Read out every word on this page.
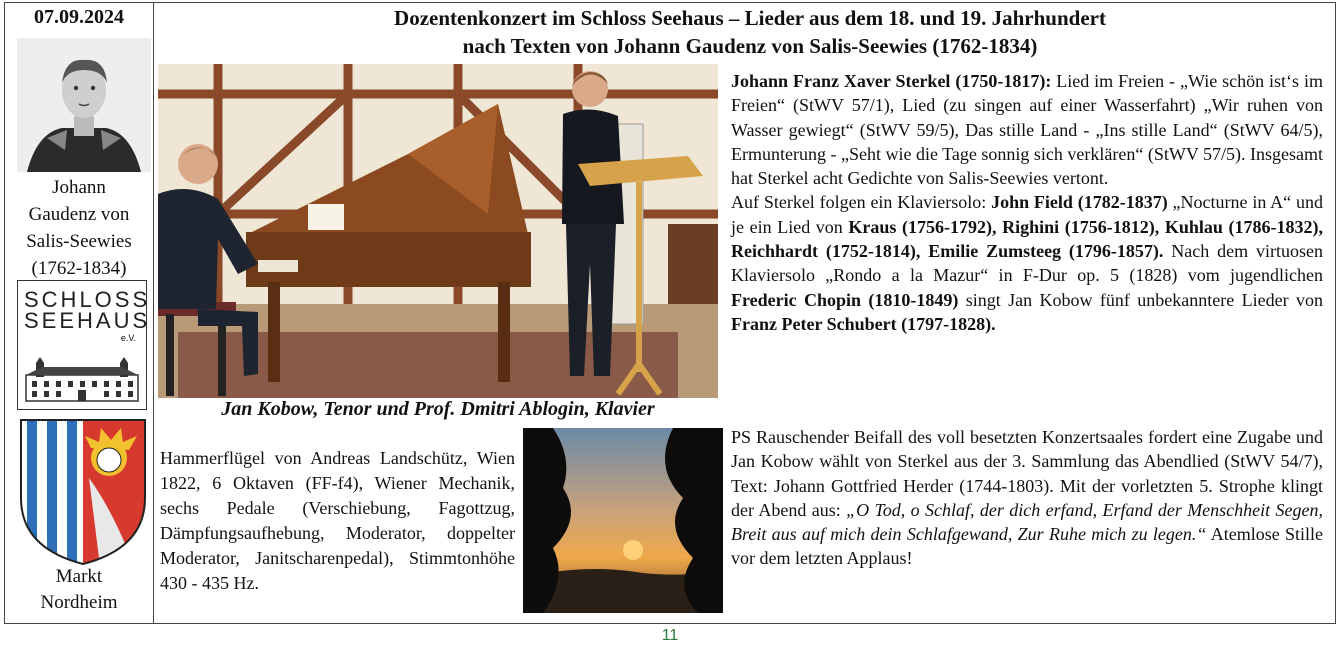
07.09.2024
Johann
Gaudenz von
Salis-Seewies
(1762-1834)
SCHLOSS
SEEHAUS
e.V.
Markt
Nordheim
Dozentenkonzert im Schloss Seehaus – Lieder aus dem 18. und 19. Jahrhundert
nach Texten von Johann Gaudenz von Salis-Seewies (1762-1834)
Jan Kobow, Tenor und Prof. Dmitri Ablogin, Klavier
Hammerflügel von Andreas Landschütz, Wien 1822, 6 Oktaven (FF-f4), Wiener Mechanik, sechs Pedale (Verschiebung, Fagottzug, Dämpfungsaufhebung, Moderator, doppelter Moderator, Janitscharenpedal), Stimmtonhöhe 430 - 435 Hz.
Johann Franz Xaver Sterkel (1750-1817): Lied im Freien - „Wie schön ist‘s im Freien“ (StWV 57/1), Lied (zu singen auf einer Wasserfahrt) „Wir ruhen von Wasser gewiegt“ (StWV 59/5), Das stille Land - „Ins stille Land“ (StWV 64/5), Ermunterung - „Seht wie die Tage sonnig sich verklären“ (StWV 57/5). Insgesamt hat Sterkel acht Gedichte von Salis-Seewies vertont.
Auf Sterkel folgen ein Klaviersolo: John Field (1782-1837) „Nocturne in A“ und je ein Lied von Kraus (1756-1792), Righini (1756-1812), Kuhlau (1786-1832), Reichhardt (1752-1814), Emilie Zumsteeg (1796-1857). Nach dem virtuosen Klaviersolo „Rondo a la Mazur“ in F-Dur op. 5 (1828) vom jugendlichen Frederic Chopin (1810-1849) singt Jan Kobow fünf unbekanntere Lieder von Franz Peter Schubert (1797-1828).
PS Rauschender Beifall des voll besetzten Konzertsaales fordert eine Zugabe und Jan Kobow wählt von Sterkel aus der 3. Sammlung das Abendlied (StWV 54/7), Text: Johann Gottfried Herder (1744-1803). Mit der vorletzten 5. Strophe klingt der Abend aus: „O Tod, o Schlaf, der dich erfand, Erfand der Menschheit Segen, Breit aus auf mich dein Schlafgewand, Zur Ruhe mich zu legen.“ Atemlose Stille vor dem letzten Applaus!
11
